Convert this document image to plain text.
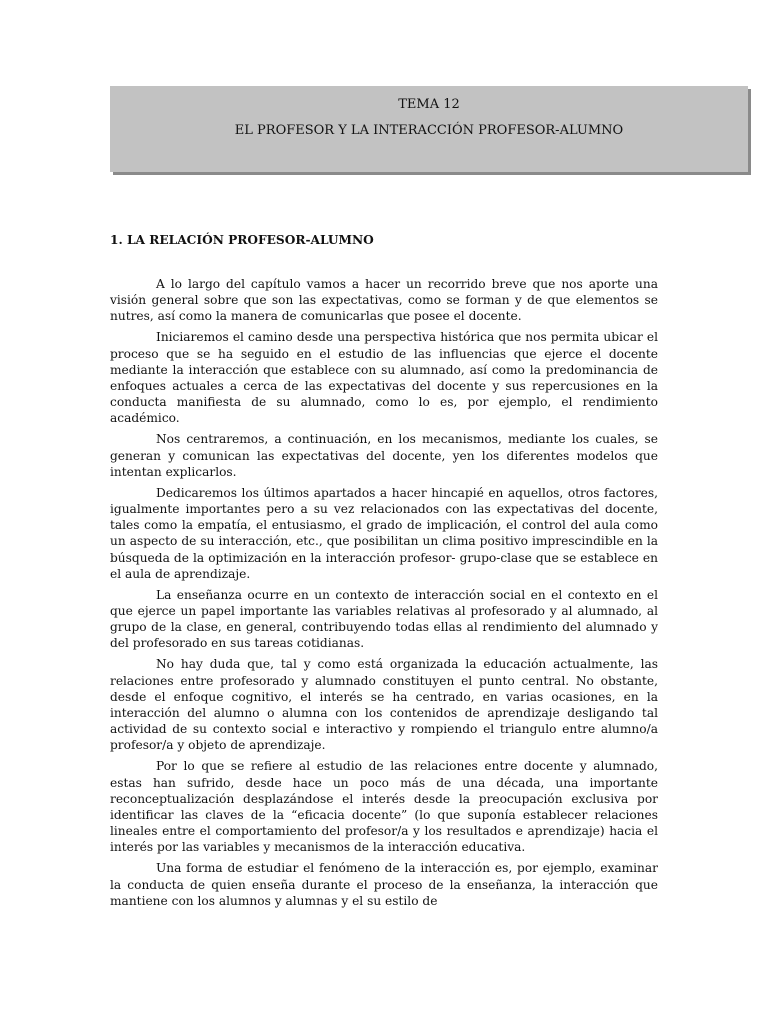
TEMA 12
EL PROFESOR Y LA INTERACCIÓN PROFESOR-ALUMNO
1. LA RELACIÓN PROFESOR-ALUMNO

A lo largo del capítulo vamos a hacer un recorrido breve que nos aporte una visión general sobre que son las expectativas, como se forman y de que elementos se nutres, así como la manera de comunicarlas que posee el docente.

Iniciaremos el camino desde una perspectiva histórica que nos permita ubicar el proceso que se ha seguido en el estudio de las influencias que ejerce el docente mediante la interacción que establece con su alumnado, así como la predominancia de enfoques actuales a cerca de las expectativas del docente y sus repercusiones en la conducta manifiesta de su alumnado, como lo es, por ejemplo, el rendimiento académico.

Nos centraremos, a continuación, en los mecanismos, mediante los cuales, se generan y comunican las expectativas del docente, yen los diferentes modelos que intentan explicarlos.

Dedicaremos los últimos apartados a hacer hincapié en aquellos, otros factores, igualmente importantes pero a su vez relacionados con las expectativas del docente, tales como la empatía, el entusiasmo, el grado de implicación, el control del aula como un aspecto de su interacción, etc., que posibilitan un clima positivo imprescindible en la búsqueda de la optimización en la interacción profesor- grupo-clase que se establece en el aula de aprendizaje.

La enseñanza ocurre en un contexto de interacción social en el contexto en el que ejerce un papel importante las variables relativas al profesorado y al alumnado, al grupo de la clase, en general, contribuyendo todas ellas al rendimiento del alumnado y del profesorado en sus tareas cotidianas.

No hay duda que, tal y como está organizada la educación actualmente, las relaciones entre profesorado y alumnado constituyen el punto central. No obstante, desde el enfoque cognitivo, el interés se ha centrado, en varias ocasiones, en la interacción del alumno o alumna con los contenidos de aprendizaje desligando tal actividad de su contexto social e interactivo y rompiendo el triangulo entre alumno/a profesor/a y objeto de aprendizaje.

Por lo que se refiere al estudio de las relaciones entre docente y alumnado, estas han sufrido, desde hace un poco más de una década, una importante reconceptualización desplazándose el interés desde la preocupación exclusiva por identificar las claves de la “eficacia docente” (lo que suponía establecer relaciones lineales entre el comportamiento del profesor/a y los resultados e aprendizaje) hacia el interés por las variables y mecanismos de la interacción educativa.

Una forma de estudiar el fenómeno de la interacción es, por ejemplo, examinar la conducta de quien enseña durante el proceso de la enseñanza, la interacción que mantiene con los alumnos y alumnas y el su estilo de
